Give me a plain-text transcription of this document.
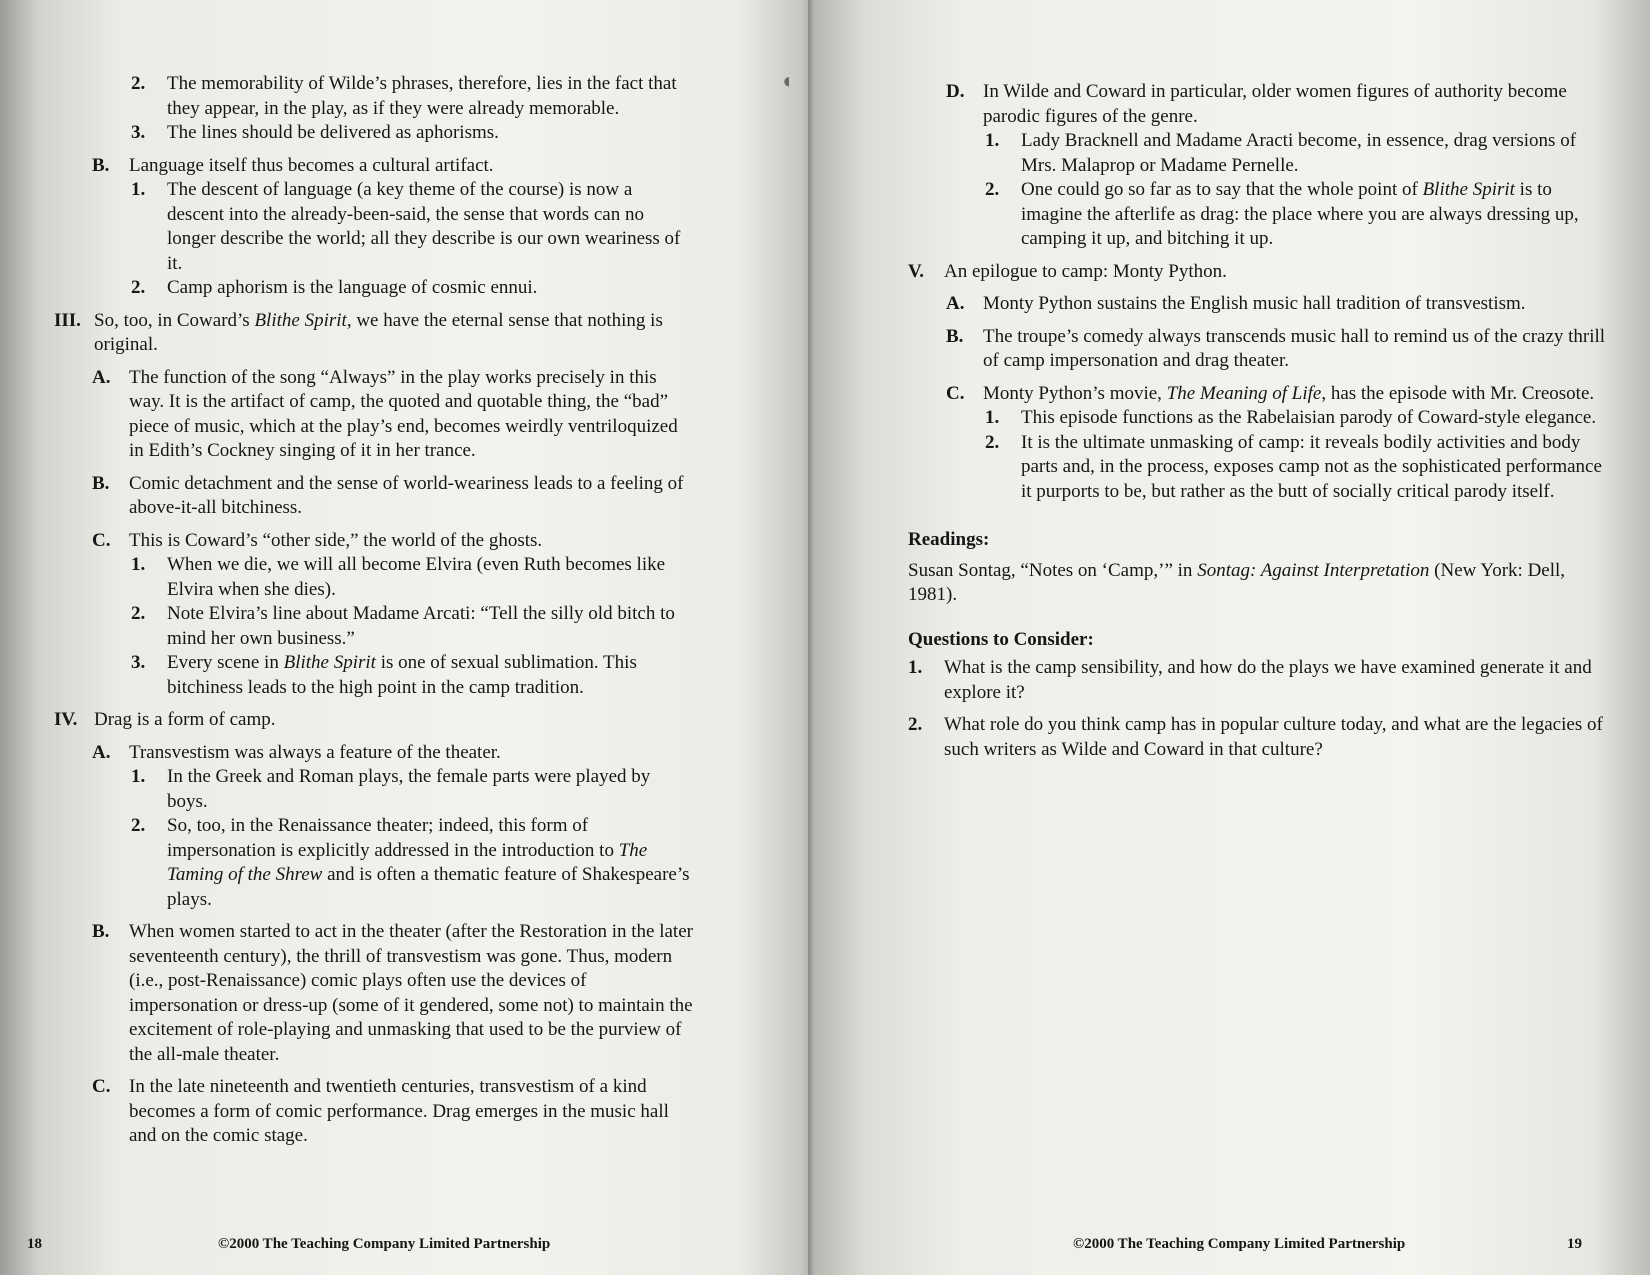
◖

2. The memorability of Wilde’s phrases, therefore, lies in the fact that they appear, in the play, as if they were already memorable.

3. The lines should be delivered as aphorisms.

B. Language itself thus becomes a cultural artifact.

1. The descent of language (a key theme of the course) is now a descent into the already-been-said, the sense that words can no longer describe the world; all they describe is our own weariness of it.

2. Camp aphorism is the language of cosmic ennui.

III. So, too, in Coward’s Blithe Spirit, we have the eternal sense that nothing is original.

A. The function of the song “Always” in the play works precisely in this way. It is the artifact of camp, the quoted and quotable thing, the “bad” piece of music, which at the play’s end, becomes weirdly ventriloquized in Edith’s Cockney singing of it in her trance.

B. Comic detachment and the sense of world-weariness leads to a feeling of above-it-all bitchiness.

C. This is Coward’s “other side,” the world of the ghosts.

1. When we die, we will all become Elvira (even Ruth becomes like Elvira when she dies).

2. Note Elvira’s line about Madame Arcati: “Tell the silly old bitch to mind her own business.”

3. Every scene in Blithe Spirit is one of sexual sublimation. This bitchiness leads to the high point in the camp tradition.

IV. Drag is a form of camp.

A. Transvestism was always a feature of the theater.

1. In the Greek and Roman plays, the female parts were played by boys.

2. So, too, in the Renaissance theater; indeed, this form of impersonation is explicitly addressed in the introduction to The Taming of the Shrew and is often a thematic feature of Shakespeare’s plays.

B. When women started to act in the theater (after the Restoration in the later seventeenth century), the thrill of transvestism was gone. Thus, modern (i.e., post-Renaissance) comic plays often use the devices of impersonation or dress-up (some of it gendered, some not) to maintain the excitement of role-playing and unmasking that used to be the purview of the all-male theater.

C. In the late nineteenth and twentieth centuries, transvestism of a kind becomes a form of comic performance. Drag emerges in the music hall and on the comic stage.

18	©2000 The Teaching Company Limited Partnership

D. In Wilde and Coward in particular, older women figures of authority become parodic figures of the genre.

1. Lady Bracknell and Madame Aracti become, in essence, drag versions of Mrs. Malaprop or Madame Pernelle.

2. One could go so far as to say that the whole point of Blithe Spirit is to imagine the afterlife as drag: the place where you are always dressing up, camping it up, and bitching it up.

V. An epilogue to camp: Monty Python.

A. Monty Python sustains the English music hall tradition of transvestism.

B. The troupe’s comedy always transcends music hall to remind us of the crazy thrill of camp impersonation and drag theater.

C. Monty Python’s movie, The Meaning of Life, has the episode with Mr. Creosote.

1. This episode functions as the Rabelaisian parody of Coward-style elegance.

2. It is the ultimate unmasking of camp: it reveals bodily activities and body parts and, in the process, exposes camp not as the sophisticated performance it purports to be, but rather as the butt of socially critical parody itself.

Readings:

Susan Sontag, “Notes on ‘Camp,’” in Sontag: Against Interpretation (New York: Dell, 1981).

Questions to Consider:

1. What is the camp sensibility, and how do the plays we have examined generate it and explore it?

2. What role do you think camp has in popular culture today, and what are the legacies of such writers as Wilde and Coward in that culture?

©2000 The Teaching Company Limited Partnership	19
